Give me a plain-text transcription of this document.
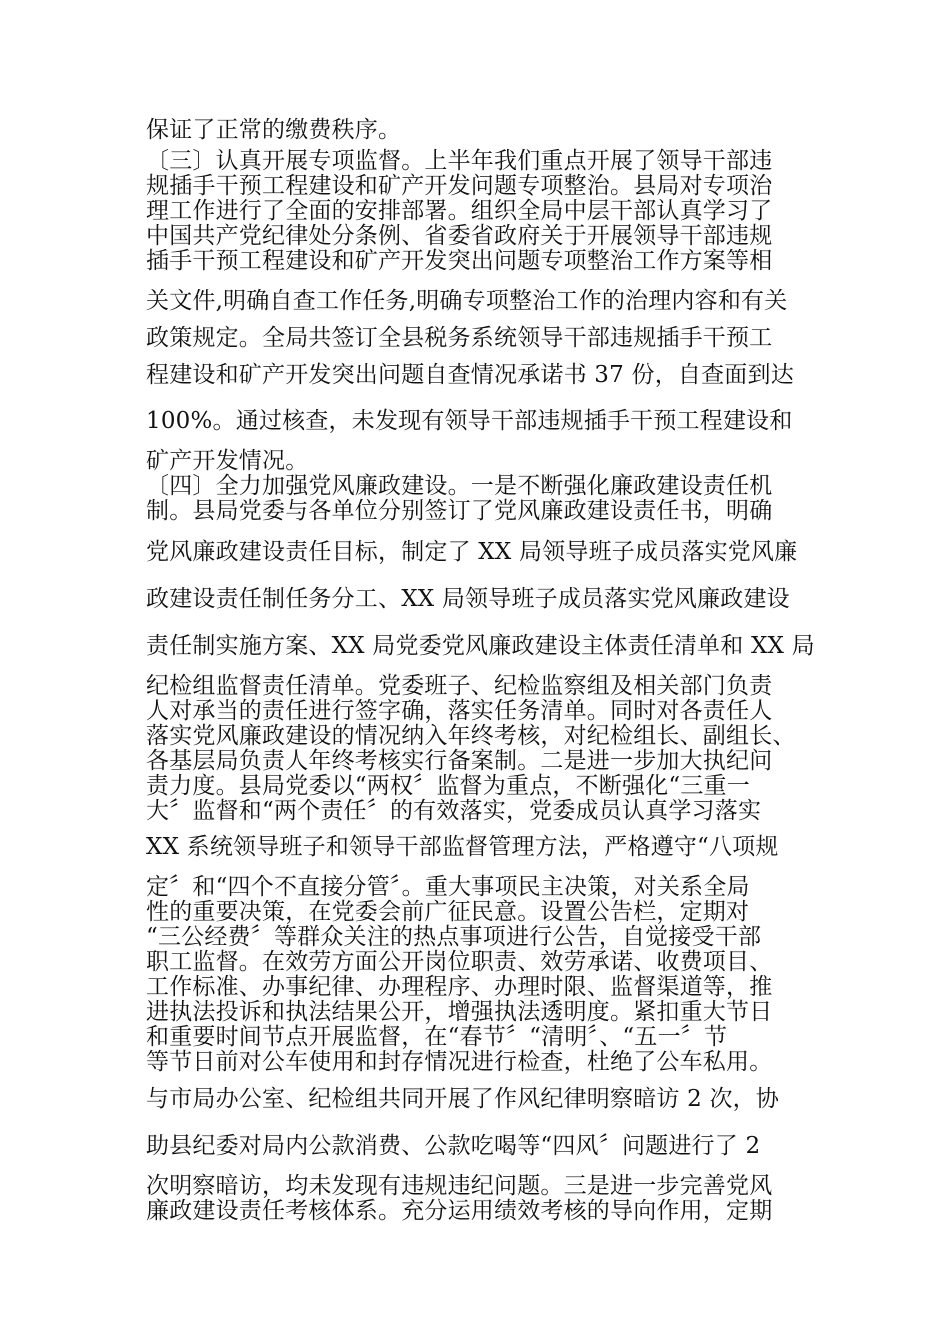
保证了正常的缴费秩序。
〔三〕认真开展专项监督。上半年我们重点开展了领导干部违
规插手干预工程建设和矿产开发问题专项整治。县局对专项治
理工作进行了全面的安排部署。组织全局中层干部认真学习了
中国共产党纪律处分条例、省委省政府关于开展领导干部违规
插手干预工程建设和矿产开发突出问题专项整治工作方案等相
关文件,明确自查工作任务,明确专项整治工作的治理内容和有关
政策规定。全局共签订全县税务系统领导干部违规插手干预工
程建设和矿产开发突出问题自查情况承诺书 37 份，自查面到达
100%。通过核查，未发现有领导干部违规插手干预工程建设和
矿产开发情况。
〔四〕全力加强党风廉政建设。一是不断强化廉政建设责任机
制。县局党委与各单位分别签订了党风廉政建设责任书，明确
党风廉政建设责任目标，制定了 XX 局领导班子成员落实党风廉
政建设责任制任务分工、XX 局领导班子成员落实党风廉政建设
责任制实施方案、XX 局党委党风廉政建设主体责任清单和 XX 局
纪检组监督责任清单。党委班子、纪检监察组及相关部门负责
人对承当的责任进行签字确，落实任务清单。同时对各责任人
落实党风廉政建设的情况纳入年终考核，对纪检组长、副组长、
各基层局负责人年终考核实行备案制。二是进一步加大执纪问
责力度。县局党委以“两权〞监督为重点，不断强化“三重一
大〞监督和“两个责任〞的有效落实，党委成员认真学习落实
XX 系统领导班子和领导干部监督管理方法，严格遵守“八项规
定〞和“四个不直接分管〞。重大事项民主决策，对关系全局
性的重要决策，在党委会前广征民意。设置公告栏，定期对
“三公经费〞等群众关注的热点事项进行公告，自觉接受干部
职工监督。在效劳方面公开岗位职责、效劳承诺、收费项目、
工作标准、办事纪律、办理程序、办理时限、监督渠道等，推
进执法投诉和执法结果公开，增强执法透明度。紧扣重大节日
和重要时间节点开展监督，在“春节〞“清明〞、“五一〞节
等节日前对公车使用和封存情况进行检查，杜绝了公车私用。
与市局办公室、纪检组共同开展了作风纪律明察暗访 2 次，协
助县纪委对局内公款消费、公款吃喝等“四风〞问题进行了 2
次明察暗访，均未发现有违规违纪问题。三是进一步完善党风
廉政建设责任考核体系。充分运用绩效考核的导向作用，定期
